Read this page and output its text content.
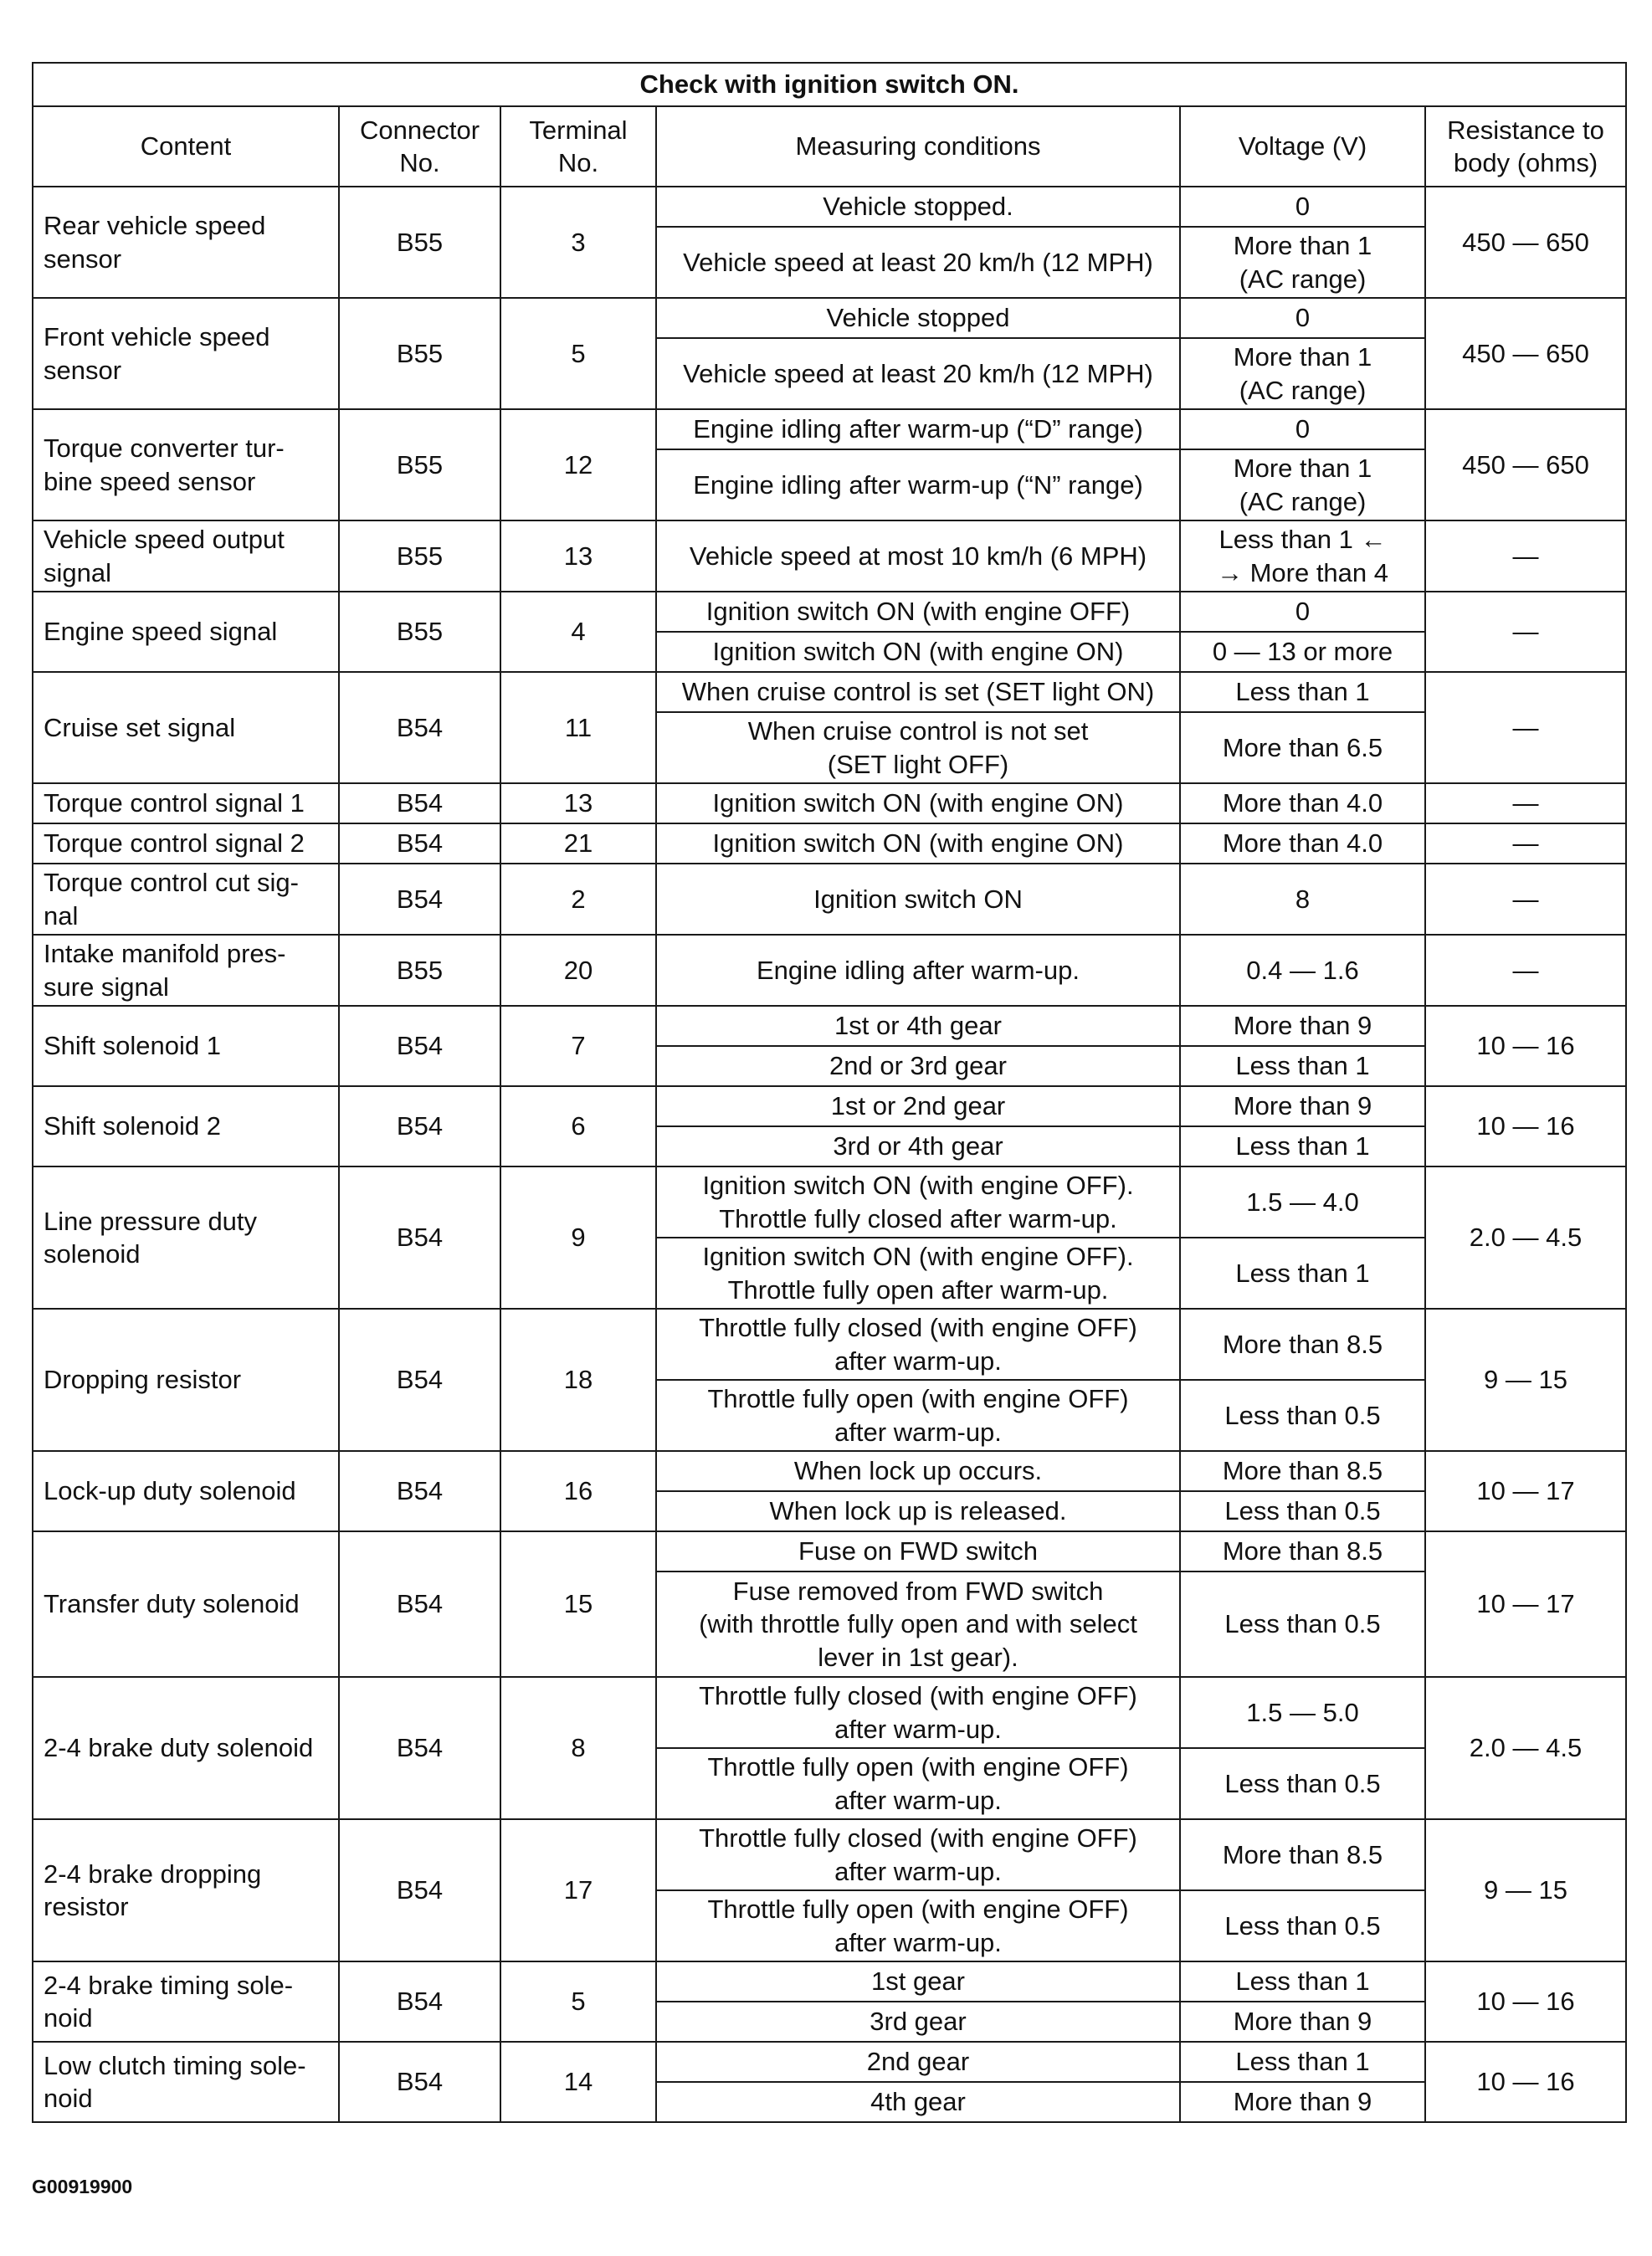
Check with ignition switch ON.					
Content	Connector
No.	Terminal
No.	Measuring conditions	Voltage (V)	Resistance to
body (ohms)
Rear vehicle speed
sensor	B55	3	Vehicle stopped.	0	450 — 650
			Vehicle speed at least 20 km/h (12 MPH)	More than 1
(AC range)	
Front vehicle speed
sensor	B55	5	Vehicle stopped	0	450 — 650
			Vehicle speed at least 20 km/h (12 MPH)	More than 1
(AC range)	
Torque converter tur-
bine speed sensor	B55	12	Engine idling after warm-up (“D” range)	0	450 — 650
			Engine idling after warm-up (“N” range)	More than 1
(AC range)	
Vehicle speed output
signal	B55	13	Vehicle speed at most 10 km/h (6 MPH)	Less than 1 ←
→ More than 4	—
Engine speed signal	B55	4	Ignition switch ON (with engine OFF)	0	—
			Ignition switch ON (with engine ON)	0 — 13 or more	
Cruise set signal	B54	11	When cruise control is set (SET light ON)	Less than 1	—
			When cruise control is not set
(SET light OFF)	More than 6.5	
Torque control signal 1	B54	13	Ignition switch ON (with engine ON)	More than 4.0	—
Torque control signal 2	B54	21	Ignition switch ON (with engine ON)	More than 4.0	—
Torque control cut sig-
nal	B54	2	Ignition switch ON	8	—
Intake manifold pres-
sure signal	B55	20	Engine idling after warm-up.	0.4 — 1.6	—
Shift solenoid 1	B54	7	1st or 4th gear	More than 9	10 — 16
			2nd or 3rd gear	Less than 1	
Shift solenoid 2	B54	6	1st or 2nd gear	More than 9	10 — 16
			3rd or 4th gear	Less than 1	
Line pressure duty
solenoid	B54	9	Ignition switch ON (with engine OFF).
Throttle fully closed after warm-up.	1.5 — 4.0	2.0 — 4.5
			Ignition switch ON (with engine OFF).
Throttle fully open after warm-up.	Less than 1	
Dropping resistor	B54	18	Throttle fully closed (with engine OFF)
after warm-up.	More than 8.5	9 — 15
			Throttle fully open (with engine OFF)
after warm-up.	Less than 0.5	
Lock-up duty solenoid	B54	16	When lock up occurs.	More than 8.5	10 — 17
			When lock up is released.	Less than 0.5	
Transfer duty solenoid	B54	15	Fuse on FWD switch	More than 8.5	10 — 17
			Fuse removed from FWD switch
(with throttle fully open and with select
lever in 1st gear).	Less than 0.5	
2-4 brake duty solenoid	B54	8	Throttle fully closed (with engine OFF)
after warm-up.	1.5 — 5.0	2.0 — 4.5
			Throttle fully open (with engine OFF)
after warm-up.	Less than 0.5	
2-4 brake dropping
resistor	B54	17	Throttle fully closed (with engine OFF)
after warm-up.	More than 8.5	9 — 15
			Throttle fully open (with engine OFF)
after warm-up.	Less than 0.5	
2-4 brake timing sole-
noid	B54	5	1st gear	Less than 1	10 — 16
			3rd gear	More than 9	
Low clutch timing sole-
noid	B54	14	2nd gear	Less than 1	10 — 16
			4th gear	More than 9	
G00919900
